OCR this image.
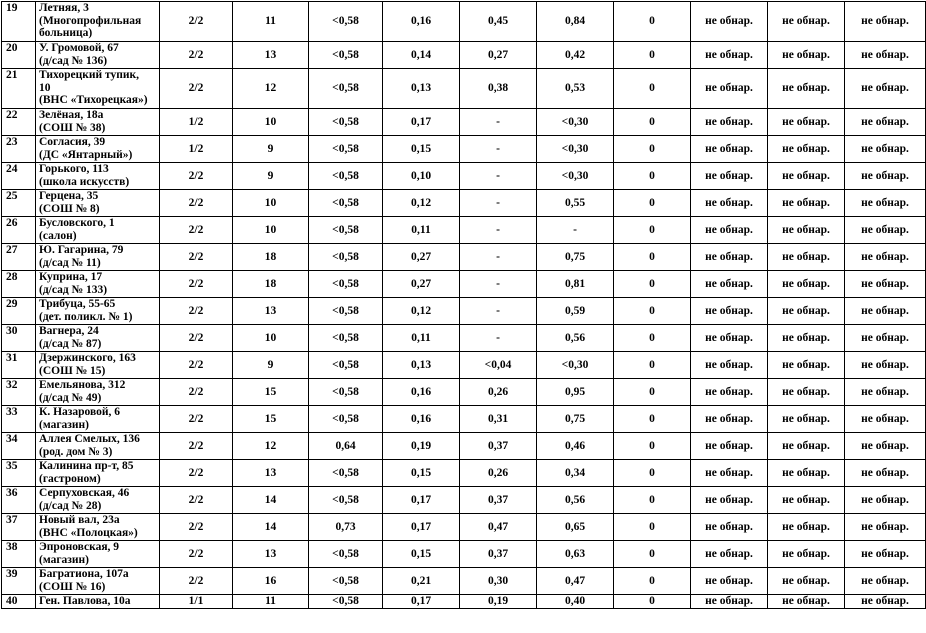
19	Летняя, 3
(Многопрофильная
больница)	2/2	11	<0,58	0,16	0,45	0,84	0	не обнар.	не обнар.	не обнар.
20	У. Громовой, 67
(д/сад № 136)	2/2	13	<0,58	0,14	0,27	0,42	0	не обнар.	не обнар.	не обнар.
21	Тихорецкий тупик,
10
(ВНС «Тихорецкая»)	2/2	12	<0,58	0,13	0,38	0,53	0	не обнар.	не обнар.	не обнар.
22	Зелёная, 18а
(СОШ № 38)	1/2	10	<0,58	0,17	-	<0,30	0	не обнар.	не обнар.	не обнар.
23	Согласия, 39
(ДС «Янтарный»)	1/2	9	<0,58	0,15	-	<0,30	0	не обнар.	не обнар.	не обнар.
24	Горького, 113
(школа искусств)	2/2	9	<0,58	0,10	-	<0,30	0	не обнар.	не обнар.	не обнар.
25	Герцена, 35
(СОШ № 8)	2/2	10	<0,58	0,12	-	0,55	0	не обнар.	не обнар.	не обнар.
26	Бусловского, 1
(салон)	2/2	10	<0,58	0,11	-	-	0	не обнар.	не обнар.	не обнар.
27	Ю. Гагарина, 79
(д/сад № 11)	2/2	18	<0,58	0,27	-	0,75	0	не обнар.	не обнар.	не обнар.
28	Куприна, 17
(д/сад № 133)	2/2	18	<0,58	0,27	-	0,81	0	не обнар.	не обнар.	не обнар.
29	Трибуца, 55-65
(дет. поликл. № 1)	2/2	13	<0,58	0,12	-	0,59	0	не обнар.	не обнар.	не обнар.
30	Вагнера, 24
(д/сад № 87)	2/2	10	<0,58	0,11	-	0,56	0	не обнар.	не обнар.	не обнар.
31	Дзержинского, 163
(СОШ № 15)	2/2	9	<0,58	0,13	<0,04	<0,30	0	не обнар.	не обнар.	не обнар.
32	Емельянова, 312
(д/сад № 49)	2/2	15	<0,58	0,16	0,26	0,95	0	не обнар.	не обнар.	не обнар.
33	К. Назаровой, 6
(магазин)	2/2	15	<0,58	0,16	0,31	0,75	0	не обнар.	не обнар.	не обнар.
34	Аллея Смелых, 136
(род. дом № 3)	2/2	12	0,64	0,19	0,37	0,46	0	не обнар.	не обнар.	не обнар.
35	Калинина пр-т, 85
(гастроном)	2/2	13	<0,58	0,15	0,26	0,34	0	не обнар.	не обнар.	не обнар.
36	Серпуховская, 46
(д/сад № 28)	2/2	14	<0,58	0,17	0,37	0,56	0	не обнар.	не обнар.	не обнар.
37	Новый вал, 23а
(ВНС «Полоцкая»)	2/2	14	0,73	0,17	0,47	0,65	0	не обнар.	не обнар.	не обнар.
38	Эпроновская, 9
(магазин)	2/2	13	<0,58	0,15	0,37	0,63	0	не обнар.	не обнар.	не обнар.
39	Багратиона, 107а
(СОШ № 16)	2/2	16	<0,58	0,21	0,30	0,47	0	не обнар.	не обнар.	не обнар.
40	Ген. Павлова, 10а	1/1	11	<0,58	0,17	0,19	0,40	0	не обнар.	не обнар.	не обнар.
